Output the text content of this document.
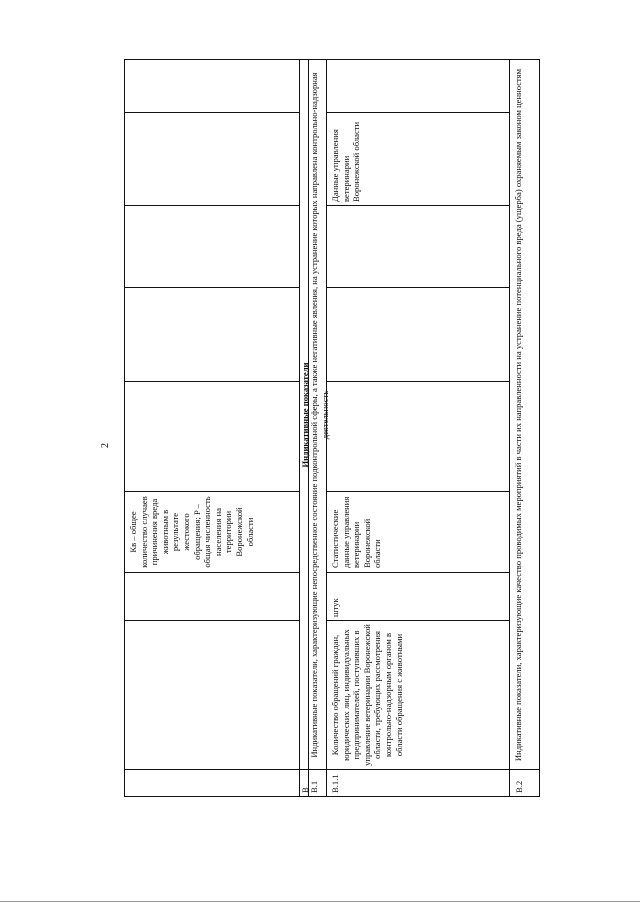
2
Кв – общее количество случаев причинения вреда животным в результате жестокого обращения; P – общая численность населения на территории Воронежской области
В
Индикативные показатели
В.1
Индикативные показатели, характеризующие непосредственное состояние подконтрольной сферы, а также негативные явления, на устранение которых направлена контрольно-надзорная деятельность
В.1.1
Количество обращений граждан, юридических лиц, индивидуальных предпринимателей, поступивших в управление ветеринарии Воронежской области, требующих рассмотрения контрольно-надзорным органом в области обращения с животными
штук
Статистические данные управления ветеринарии Воронежской области
Данные управления ветеринарии Воронежской области
В.2
Индикативные показатели, характеризующие качество проводимых мероприятий в части их направленности на устранение потенциального вреда (ущерба) охраняемым законом ценностям
